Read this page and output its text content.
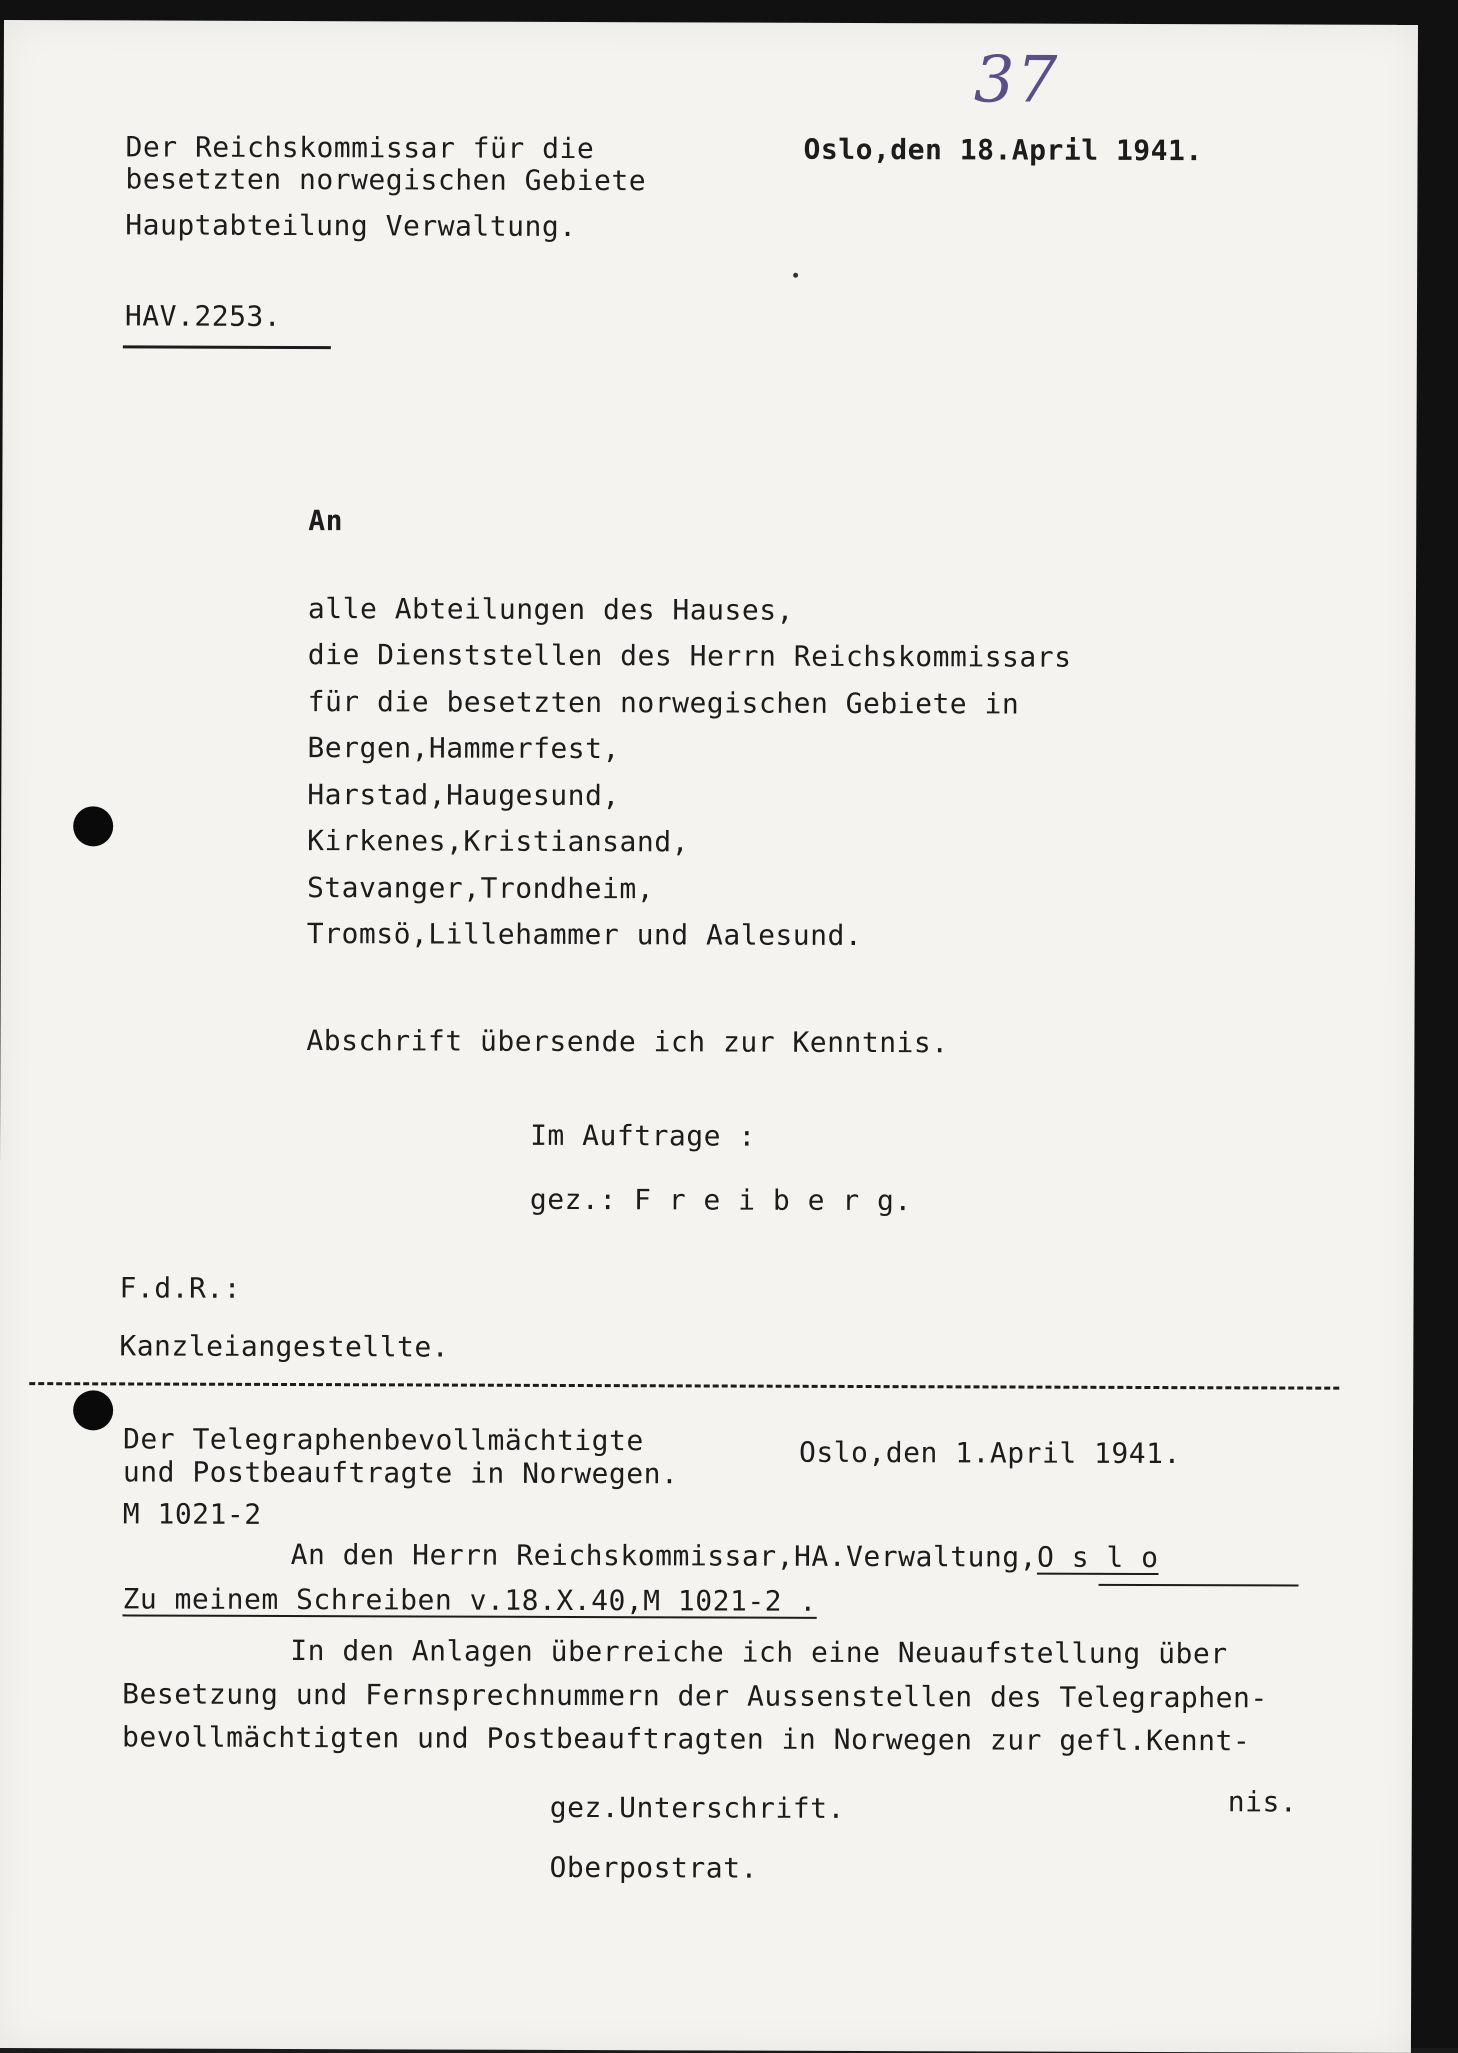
37
Der Reichskommissar für die
besetzten norwegischen Gebiete
Hauptabteilung Verwaltung.
Oslo,den 18.April 1941.
HAV.2253.
An
alle Abteilungen des Hauses,
die Dienststellen des Herrn Reichskommissars
für die besetzten norwegischen Gebiete in
Bergen,Hammerfest,
Harstad,Haugesund,
Kirkenes,Kristiansand,
Stavanger,Trondheim,
Tromsö,Lillehammer und Aalesund.
Abschrift übersende ich zur Kenntnis.
Im Auftrage :
gez.: F r e i b e r g.
F.d.R.:
Kanzleiangestellte.
Der Telegraphenbevollmächtigte
und Postbeauftragte in Norwegen.
Oslo,den 1.April 1941.
M 1021-2
An den Herrn Reichskommissar,HA.Verwaltung,O s l o
Zu meinem Schreiben v.18.X.40,M 1021-2 .
In den Anlagen überreiche ich eine Neuaufstellung über
Besetzung und Fernsprechnummern der Aussenstellen des Telegraphen-
bevollmächtigten und Postbeauftragten in Norwegen zur gefl.Kennt-
nis.
gez.Unterschrift.
Oberpostrat.
